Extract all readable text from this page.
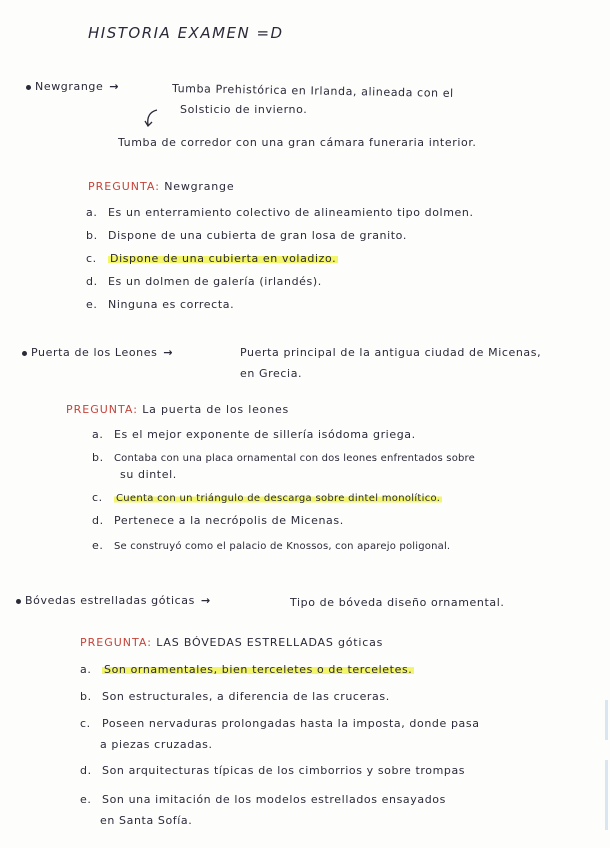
HISTORIA EXAMEN =D
Newgrange →	Tumba Prehistórica en Irlanda, alineada con el
Solsticio de invierno.
Tumba de corredor con una gran cámara funeraria interior.
PREGUNTA: Newgrange
a. Es un enterramiento colectivo de alineamiento tipo dolmen.
b. Dispone de una cubierta de gran losa de granito.
c. Dispone de una cubierta en voladizo.
d. Es un dolmen de galería (irlandés).
e. Ninguna es correcta.
Puerta de los Leones →	Puerta principal de la antigua ciudad de Micenas,
en Grecia.
PREGUNTA: La puerta de los leones
a. Es el mejor exponente de sillería isódoma griega.
b. Contaba con una placa ornamental con dos leones enfrentados sobre
su dintel.
c. Cuenta con un triángulo de descarga sobre dintel monolítico.
d. Pertenece a la necrópolis de Micenas.
e. Se construyó como el palacio de Knossos, con aparejo poligonal.
Bóvedas estrelladas góticas →	Tipo de bóveda diseño ornamental.
PREGUNTA: LAS BÓVEDAS ESTRELLADAS góticas
a. Son ornamentales, bien terceletes o de terceletes.
b. Son estructurales, a diferencia de las cruceras.
c. Poseen nervaduras prolongadas hasta la imposta, donde pasa
a piezas cruzadas.
d. Son arquitecturas típicas de los cimborrios y sobre trompas
e. Son una imitación de los modelos estrellados ensayados
en Santa Sofía.
